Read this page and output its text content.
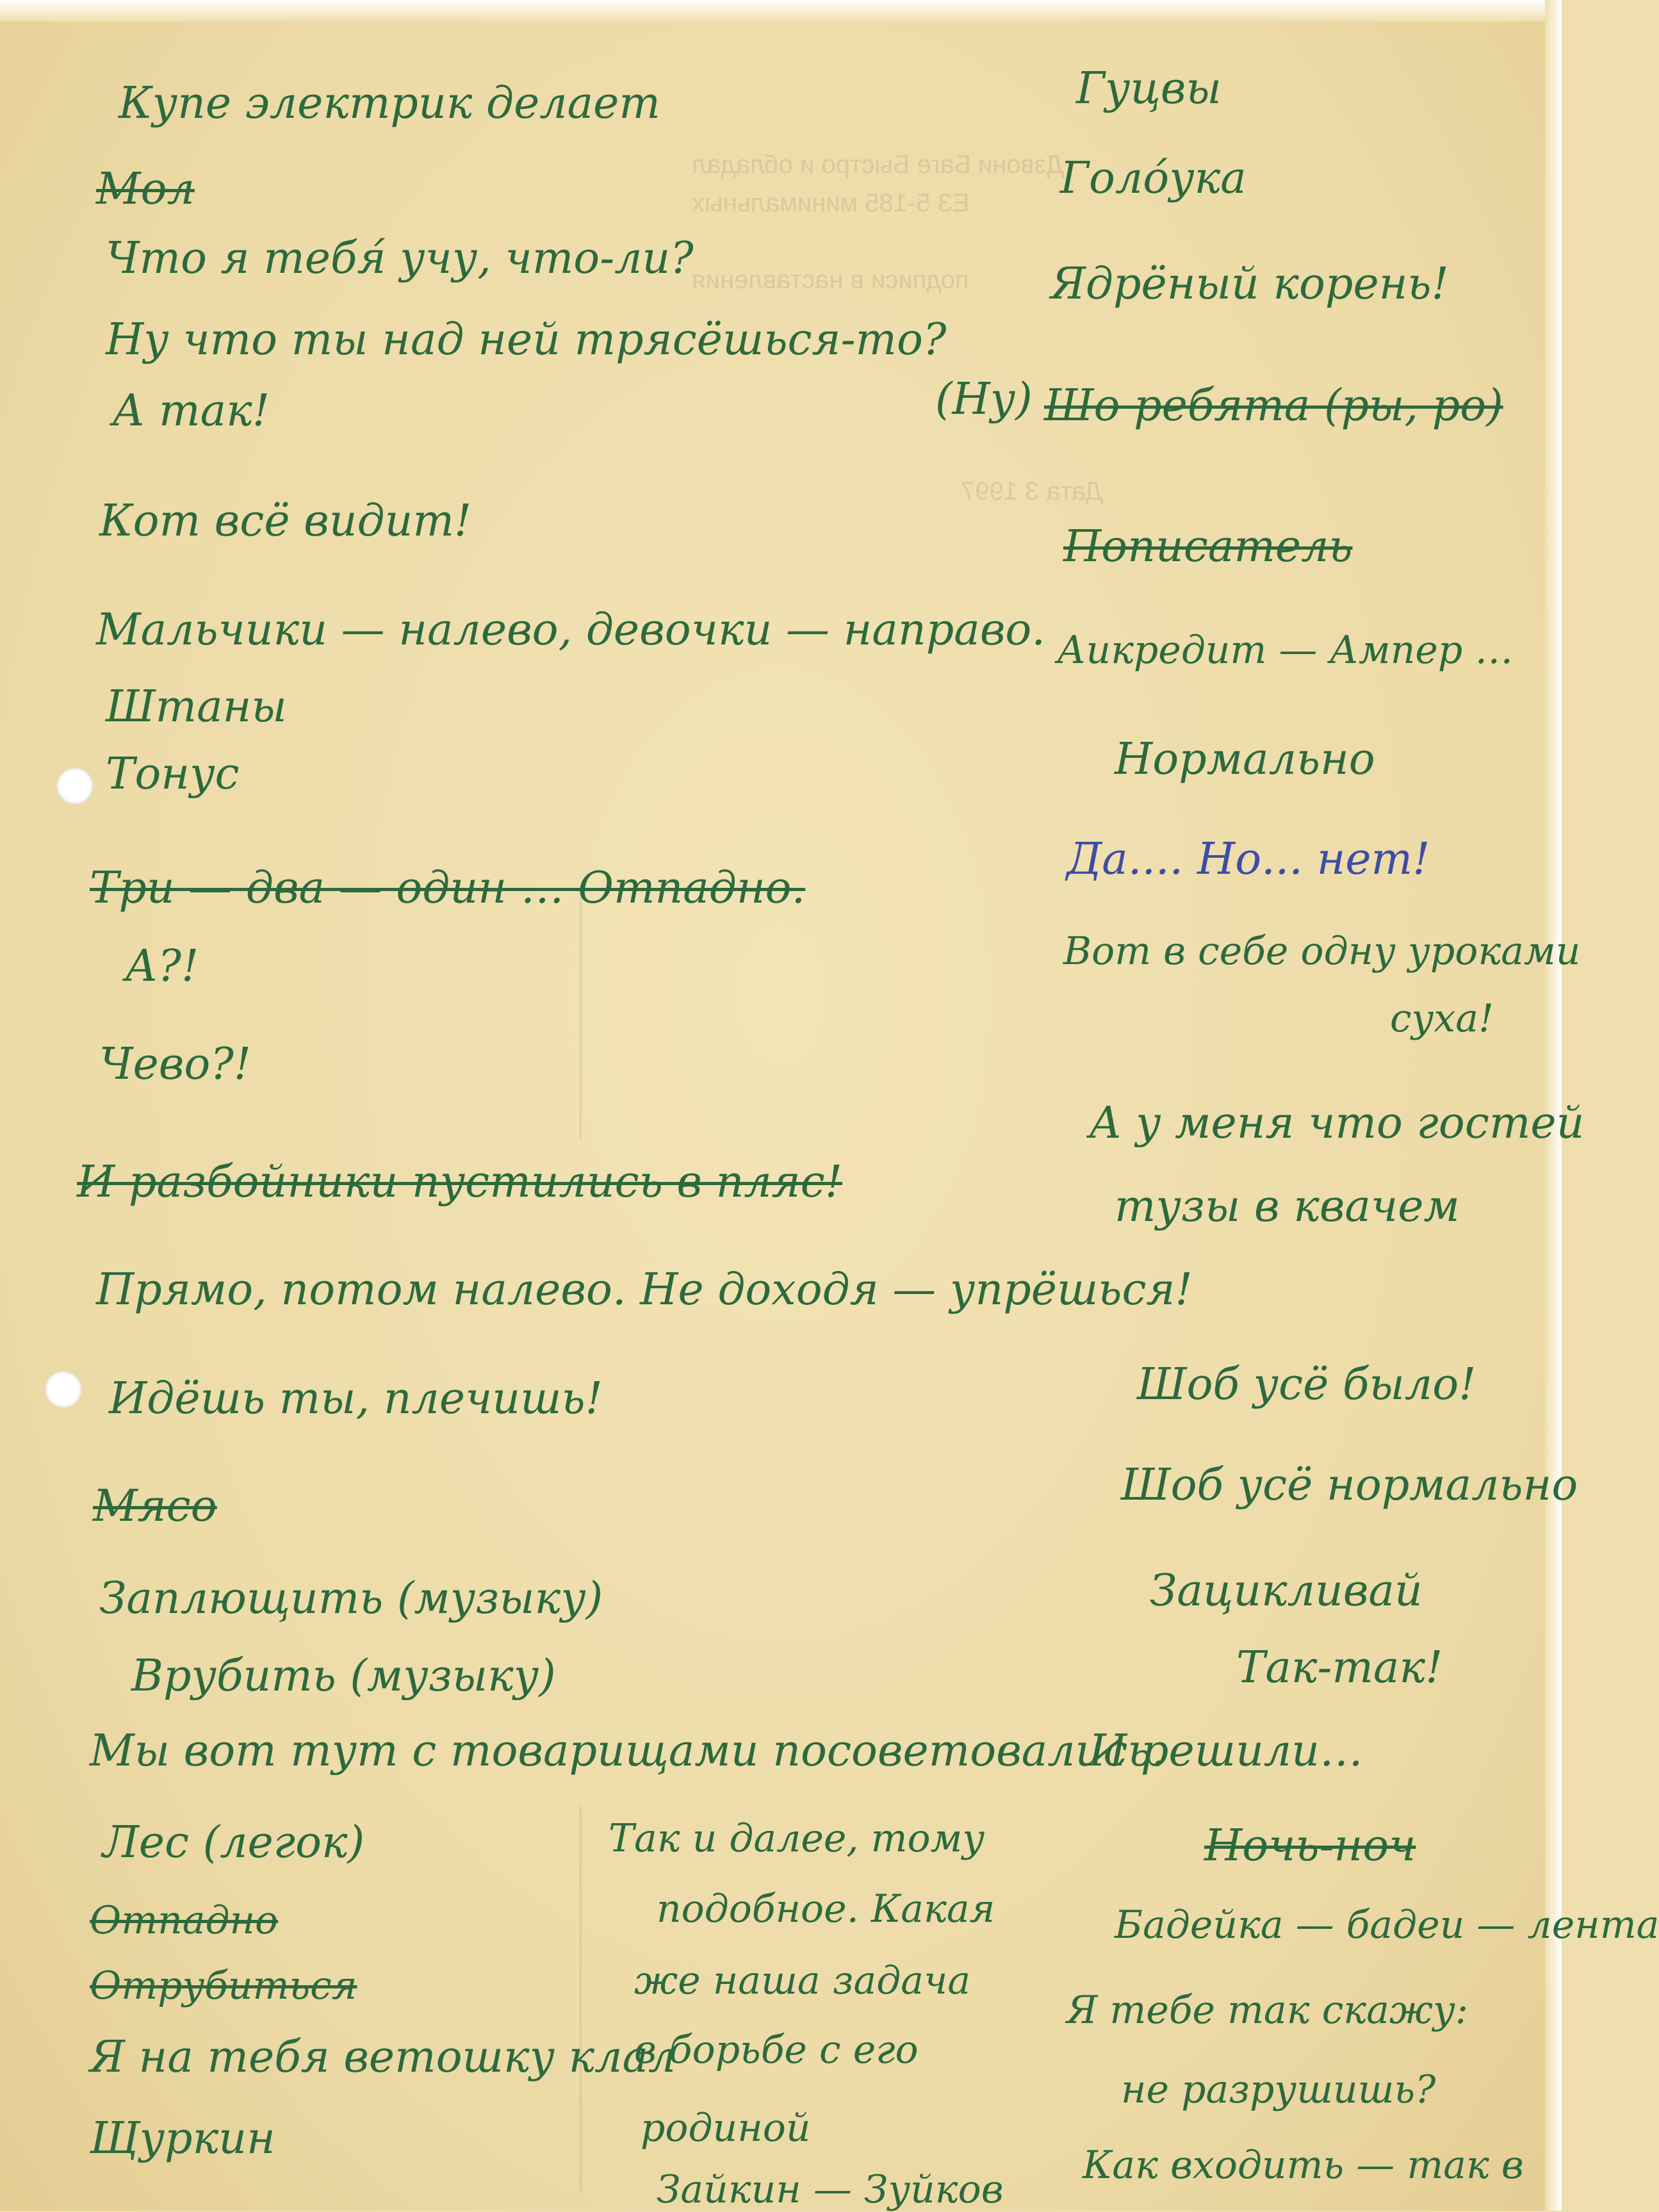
Дзвони Баге Быстро и обладал
ЕЗ 5-185 минимальных
подписи в наставления
Дата 3 1997
Купе электрик делает
Мол
Что я тебя́ учу, что-ли?
Ну что ты над ней трясёшься-то?
А так!
Кот всё видит!
Мальчики — налево, девочки — направо.
Штаны
Тонус
Три — два — один … Отпадно.
А?!
Чево?!
И разбойники пустились в пляс!
Прямо, потом налево. Не доходя — упрёшься!
Идёшь ты, плечишь!
Мясо
Заплющить (музыку)
Врубить (музыку)
Мы вот тут с товарищами посоветовались.
Лес (легок)
Отпадно
Отрубиться
Я на тебя ветошку клал
Щуркин
Так и далее, тому
подобное. Какая
же наша задача
в борьбе с его
родиной
Зайкин — Зуйков
Гуцвы
Голо́ука
Ядрёный корень!
(Ну) Шо ребята (ры, ро)
Пописатель
Аикредит — Ампер …
Нормально
Да.... Но... нет!
Вот в себе одну уроками
суха!
А у меня что гостей
тузы в квачем
Шоб усё было!
Шоб усё нормально
Зацикливай
Так-так!
И решили…
Ночь-ноч
Бадейка — бадеи — лента
Я тебе так скажу:
не разрушишь?
Как входить — так в
